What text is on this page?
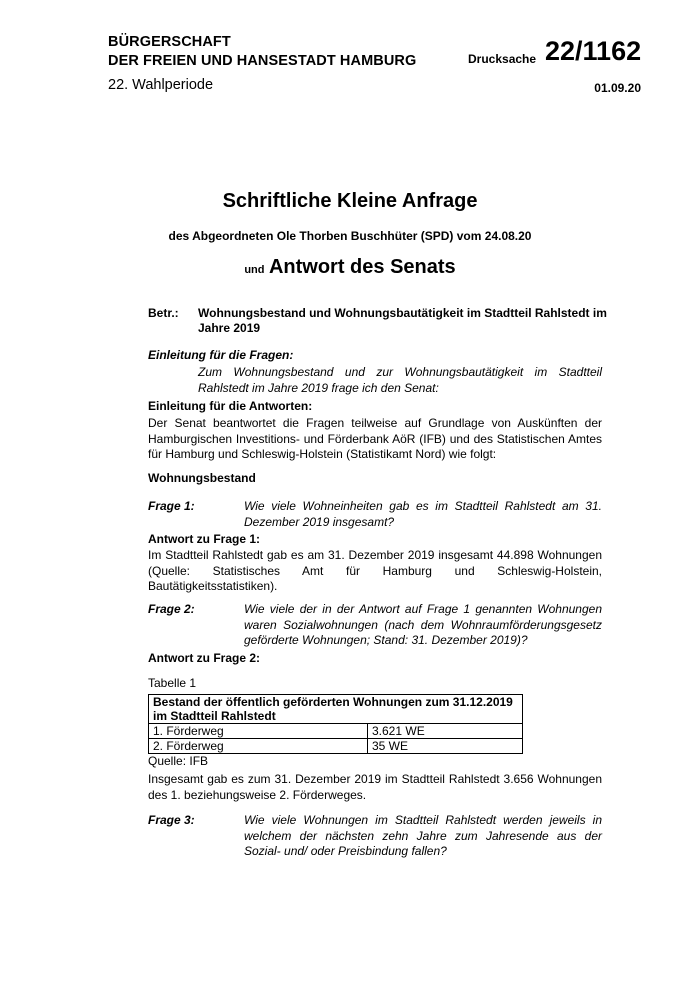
BÜRGERSCHAFT
DER FREIEN UND HANSESTADT HAMBURG
22. Wahlperiode
Drucksache 22/1162
01.09.20
Schriftliche Kleine Anfrage
des Abgeordneten Ole Thorben Buschhüter (SPD) vom 24.08.20
und Antwort des Senats
Betr.: Wohnungsbestand und Wohnungsbautätigkeit im Stadtteil Rahlstedt im
Jahre 2019
Einleitung für die Fragen:
Zum Wohnungsbestand und zur Wohnungsbautätigkeit im Stadtteil Rahlstedt im Jahre 2019 frage ich den Senat:
Einleitung für die Antworten:
Der Senat beantwortet die Fragen teilweise auf Grundlage von Auskünften der Hamburgischen Investitions- und Förderbank AöR (IFB) und des Statistischen Amtes für Hamburg und Schleswig-Holstein (Statistikamt Nord) wie folgt:
Wohnungsbestand
Frage 1:	Wie viele Wohneinheiten gab es im Stadtteil Rahlstedt am 31. Dezember 2019 insgesamt?
Antwort zu Frage 1:
Im Stadtteil Rahlstedt gab es am 31. Dezember 2019 insgesamt 44.898 Wohnungen (Quelle: Statistisches Amt für Hamburg und Schleswig-Holstein, Bautätigkeitsstatistiken).
Frage 2:	Wie viele der in der Antwort auf Frage 1 genannten Wohnungen waren Sozialwohnungen (nach dem Wohnraumförderungsgesetz geförderte Wohnungen; Stand: 31. Dezember 2019)?
Antwort zu Frage 2:
Tabelle 1
Bestand der öffentlich geförderten Wohnungen zum 31.12.2019
im Stadtteil Rahlstedt	

1. Förderweg	3.621 WE
2. Förderweg	35 WE
Quelle: IFB
Insgesamt gab es zum 31. Dezember 2019 im Stadtteil Rahlstedt 3.656 Wohnungen des 1. beziehungsweise 2. Förderweges.
Frage 3:	Wie viele Wohnungen im Stadtteil Rahlstedt werden jeweils in welchem der nächsten zehn Jahre zum Jahresende aus der Sozial- und/ oder Preisbindung fallen?
